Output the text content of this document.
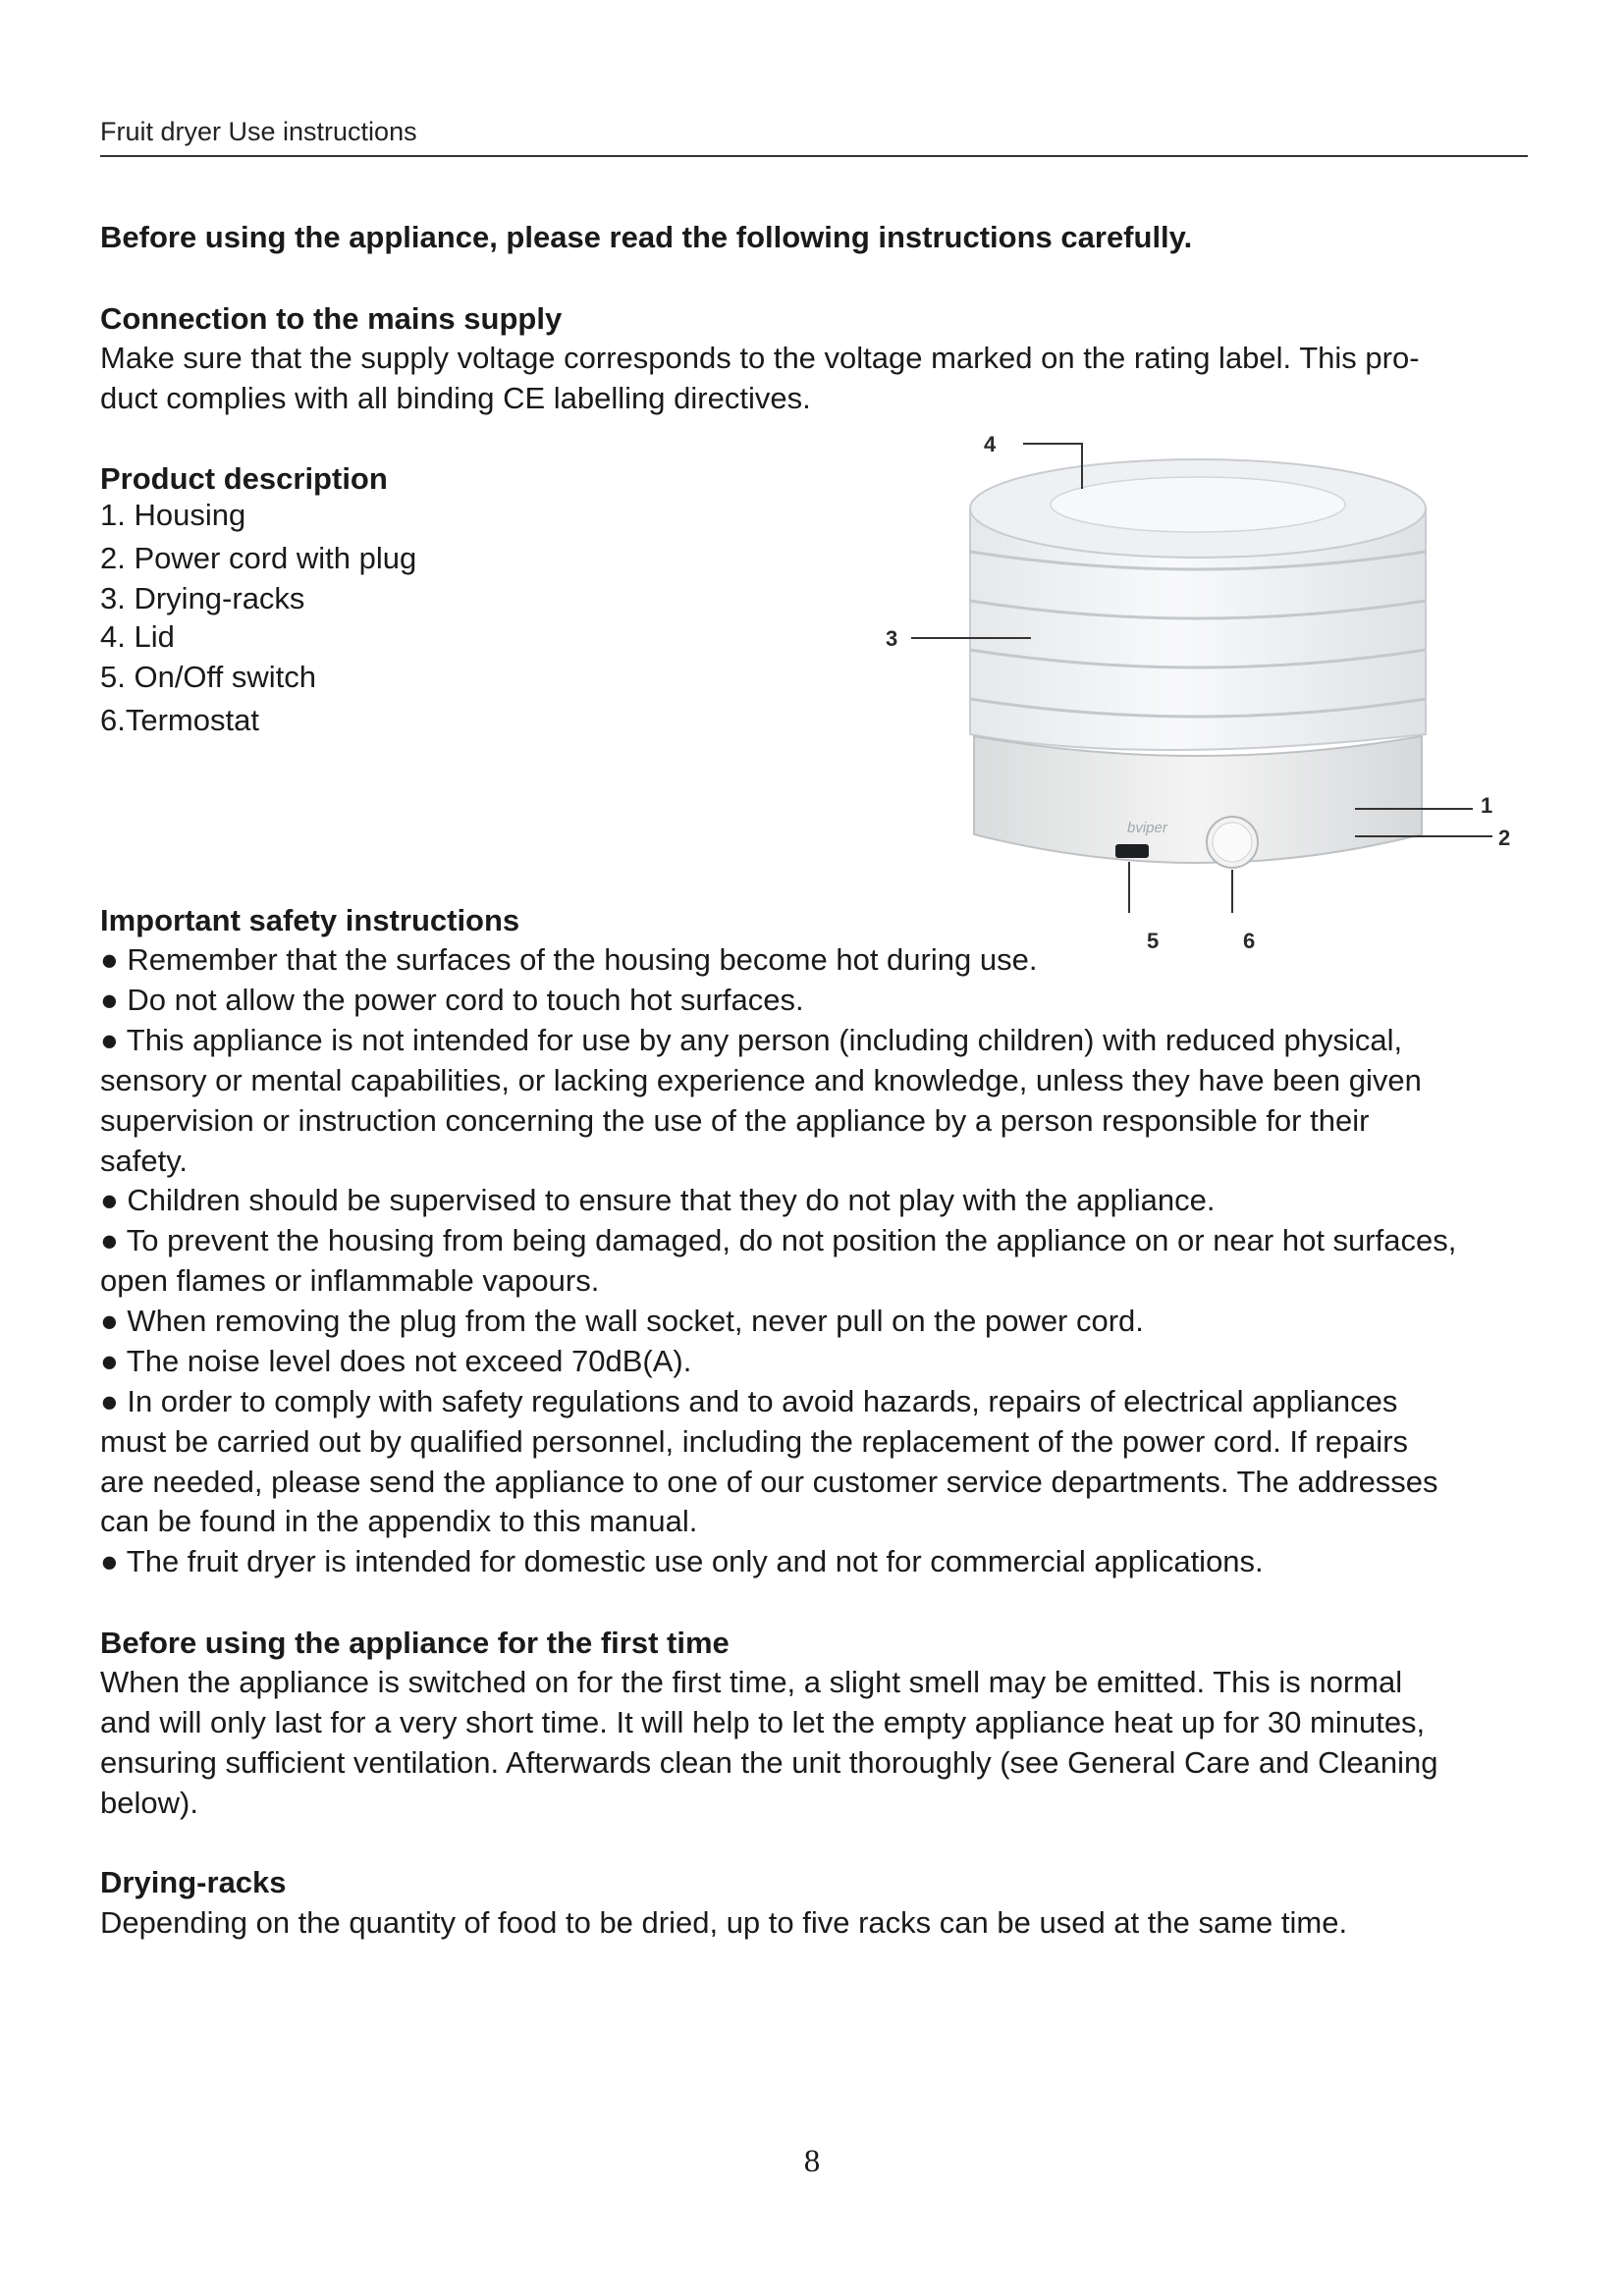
Fruit dryer Use instructions
Before using the appliance, please read the following instructions carefully.
Connection to the mains supply
Make sure that the supply voltage corresponds to the voltage marked on the rating label. This pro-
duct complies with all binding CE labelling directives.
Product description
1. Housing
2. Power cord with plug
3. Drying-racks
4. Lid
5. On/Off switch
6.Termostat
bviper
4
3
1
2
5	6
Important safety instructions
● Remember that the surfaces of the housing become hot during use.
● Do not allow the power cord to touch hot surfaces.
● This appliance is not intended for use by any person (including children) with reduced physical,
sensory or mental capabilities, or lacking experience and knowledge, unless they have been given
supervision or instruction concerning the use of the appliance by a person responsible for their
safety.
● Children should be supervised to ensure that they do not play with the appliance.
● To prevent the housing from being damaged, do not position the appliance on or near hot surfaces,
open flames or inflammable vapours.
● When removing the plug from the wall socket, never pull on the power cord.
● The noise level does not exceed 70dB(A).
● In order to comply with safety regulations and to avoid hazards, repairs of electrical appliances
must be carried out by qualified personnel, including the replacement of the power cord. If repairs
are needed, please send the appliance to one of our customer service departments. The addresses
can be found in the appendix to this manual.
● The fruit dryer is intended for domestic use only and not for commercial applications.
Before using the appliance for the first time
When the appliance is switched on for the first time, a slight smell may be emitted. This is normal
and will only last for a very short time. It will help to let the empty appliance heat up for 30 minutes,
ensuring sufficient ventilation. Afterwards clean the unit thoroughly (see General Care and Cleaning
below).
Drying-racks
Depending on the quantity of food to be dried, up to five racks can be used at the same time.
8
